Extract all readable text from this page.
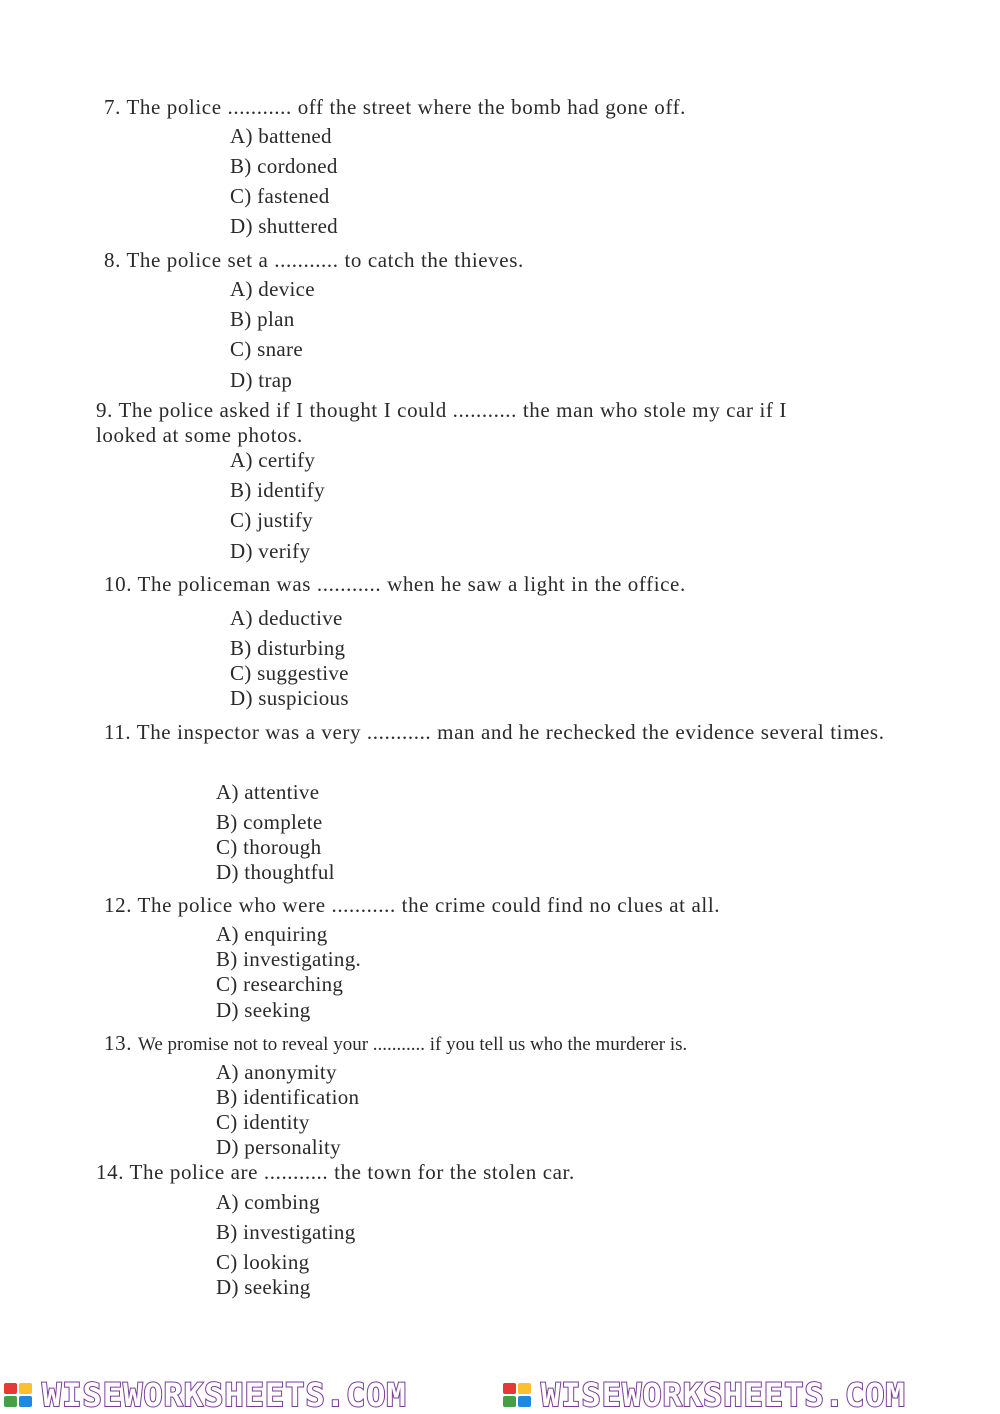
7. The police ........... off the street where the bomb had gone off.
A) battened
B) cordoned
C) fastened
D) shuttered
8. The police set a ........... to catch the thieves.
A) device
B) plan
C) snare
D) trap
9. The police asked if I thought I could ........... the man who stole my car if I
looked at some photos.
A) certify
B) identify
C) justify
D) verify
10. The policeman was ........... when he saw a light in the office.
A) deductive
B) disturbing
C) suggestive
D) suspicious
11. The inspector was a very ........... man and he rechecked the evidence several times.
A) attentive
B) complete
C) thorough
D) thoughtful
12. The police who were ........... the crime could find no clues at all.
A) enquiring
B) investigating.
C) researching
D) seeking
13. We promise not to reveal your ........... if you tell us who the murderer is.
A) anonymity
B) identification
C) identity
D) personality
14. The police are ........... the town for the stolen car.
A) combing
B) investigating
C) looking
D) seeking
WISEWORKSHEETS.COM	WISEWORKSHEETS.COM
